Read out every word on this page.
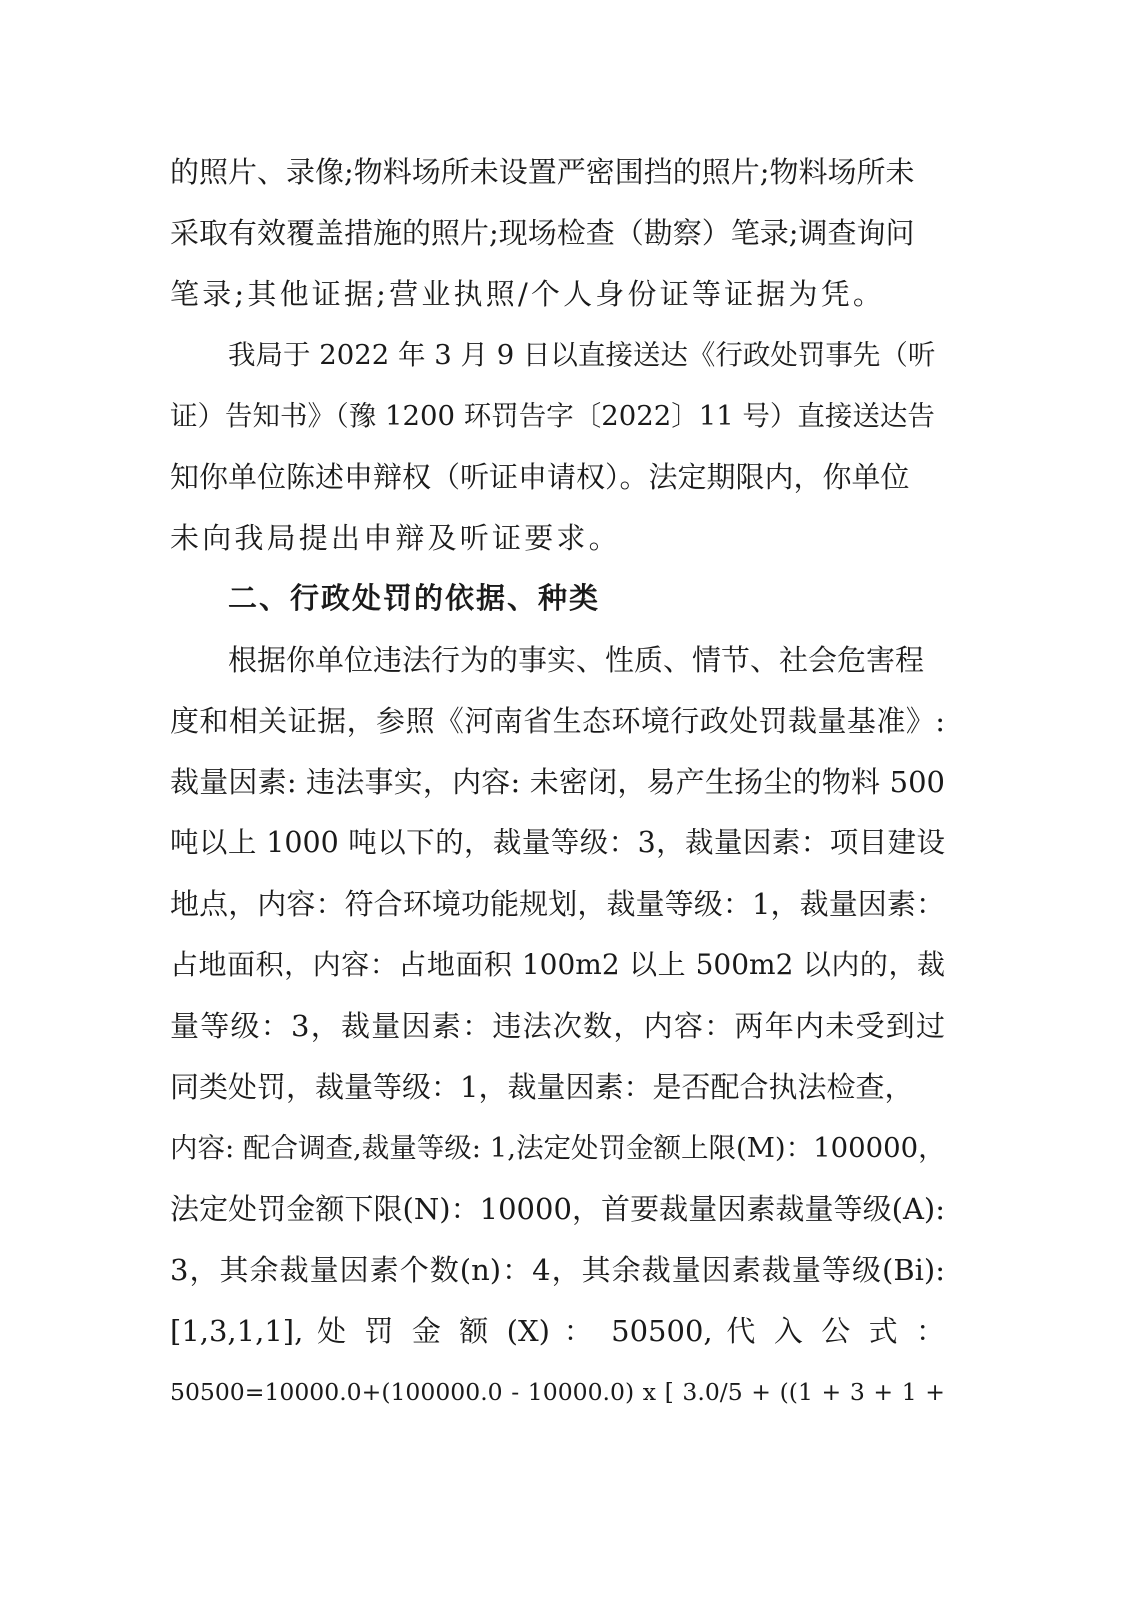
的照片、录像;物料场所未设置严密围挡的照片;物料场所未
采取有效覆盖措施的照片;现场检查（勘察）笔录;调查询问
笔录;其他证据;营业执照/个人身份证等证据为凭。
我局于 2022 年 3 月 9 日以直接送达《行政处罚事先（听
证）告知书》（豫 1200 环罚告字〔2022〕11 号）直接送达告
知你单位陈述申辩权（听证申请权）。法定期限内，你单位
未向我局提出申辩及听证要求。
二、行政处罚的依据、种类
根据你单位违法行为的事实、性质、情节、社会危害程
度和相关证据，参照《河南省生态环境行政处罚裁量基准》:
裁量因素: 违法事实，内容: 未密闭，易产生扬尘的物料 500
吨以上 1000 吨以下的，裁量等级：3，裁量因素：项目建设
地点，内容：符合环境功能规划，裁量等级：1，裁量因素：
占地面积，内容：占地面积 100m2 以上 500m2 以内的，裁
量等级：3，裁量因素：违法次数，内容：两年内未受到过
同类处罚，裁量等级：1，裁量因素：是否配合执法检查，
内容: 配合调查,裁量等级: 1,法定处罚金额上限(M)：100000，
法定处罚金额下限(N)：10000，首要裁量因素裁量等级(A):
3，其余裁量因素个数(n)：4，其余裁量因素裁量等级(Bi):
[1,3,1,1], 处 罚 金 额 (X) ： 50500, 代 入 公 式 ：
50500=10000.0+(100000.0 - 10000.0) x [ 3.0/5 + ((1 + 3 + 1 +
